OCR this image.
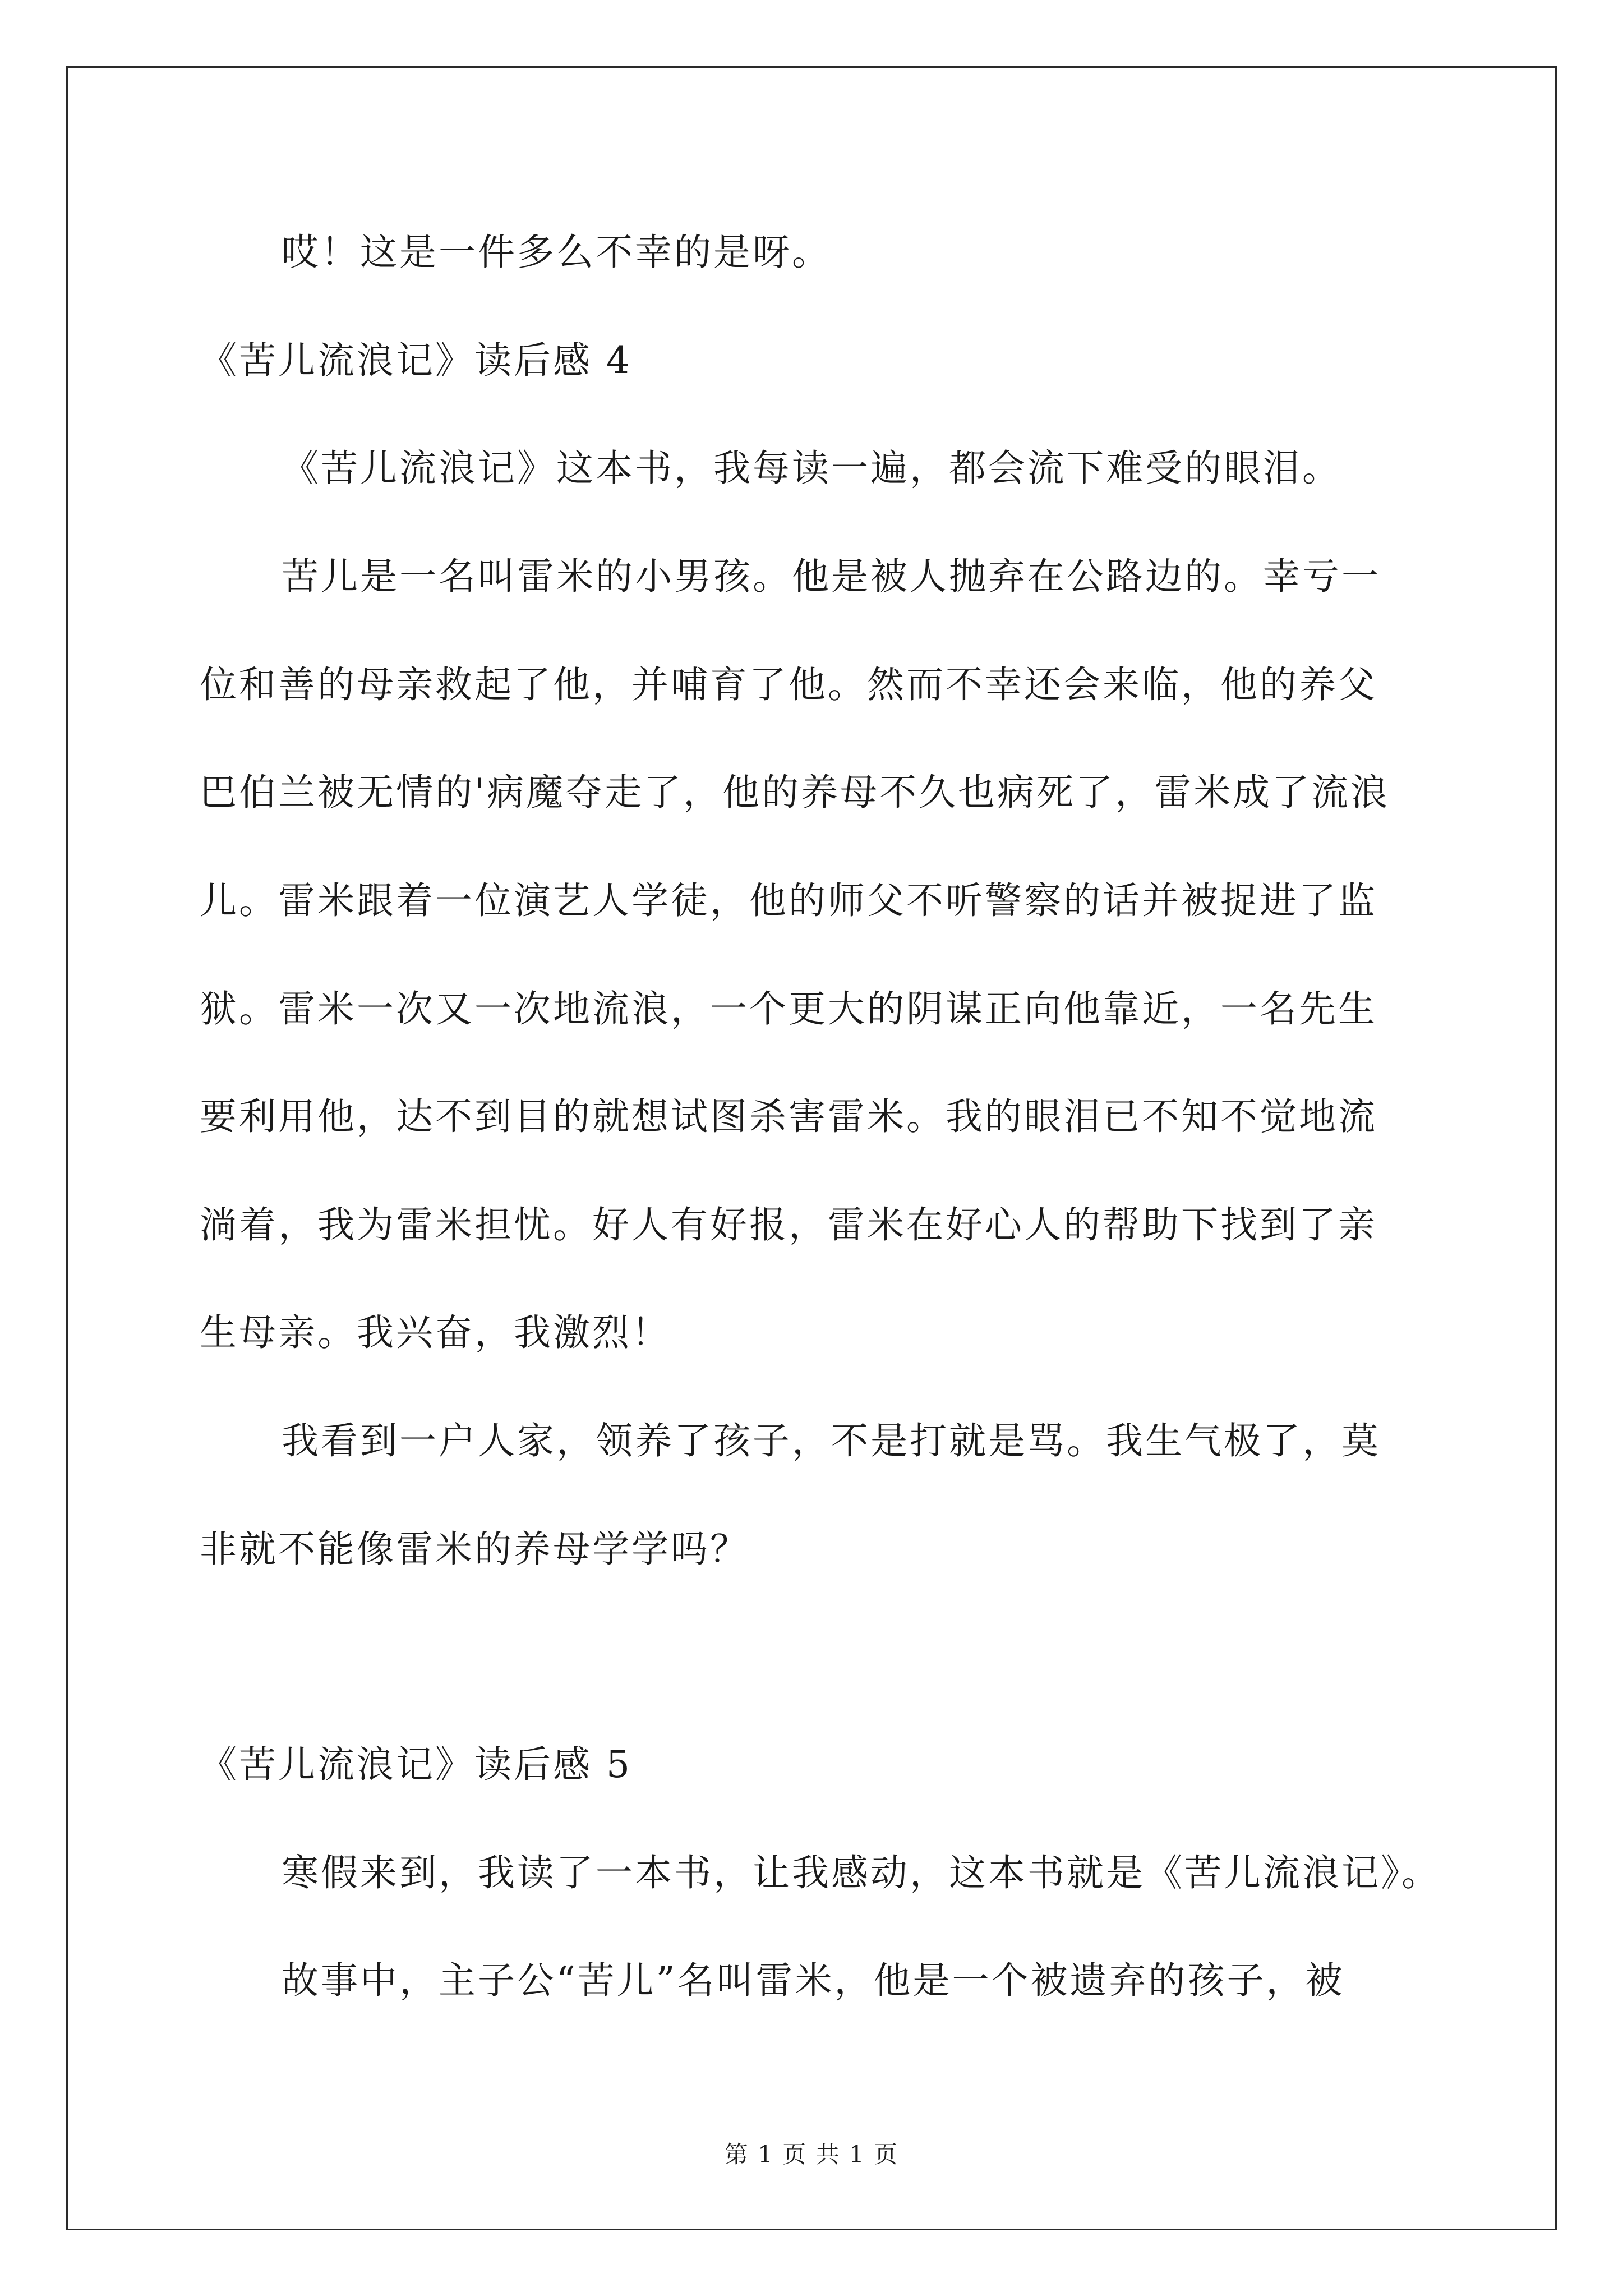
哎！这是一件多么不幸的是呀。
《苦儿流浪记》读后感 4
《苦儿流浪记》这本书，我每读一遍，都会流下难受的眼泪。
苦儿是一名叫雷米的小男孩。他是被人抛弃在公路边的。幸亏一
位和善的母亲救起了他，并哺育了他。然而不幸还会来临，他的养父
巴伯兰被无情的'病魔夺走了，他的养母不久也病死了，雷米成了流浪
儿。雷米跟着一位演艺人学徒，他的师父不听警察的话并被捉进了监
狱。雷米一次又一次地流浪，一个更大的阴谋正向他靠近，一名先生
要利用他，达不到目的就想试图杀害雷米。我的眼泪已不知不觉地流
淌着，我为雷米担忧。好人有好报，雷米在好心人的帮助下找到了亲
生母亲。我兴奋，我激烈！
我看到一户人家，领养了孩子，不是打就是骂。我生气极了，莫
非就不能像雷米的养母学学吗？
《苦儿流浪记》读后感 5
寒假来到，我读了一本书，让我感动，这本书就是《苦儿流浪记》。
故事中，主子公“苦儿”名叫雷米，他是一个被遗弃的孩子，被
第 1 页 共 1 页
